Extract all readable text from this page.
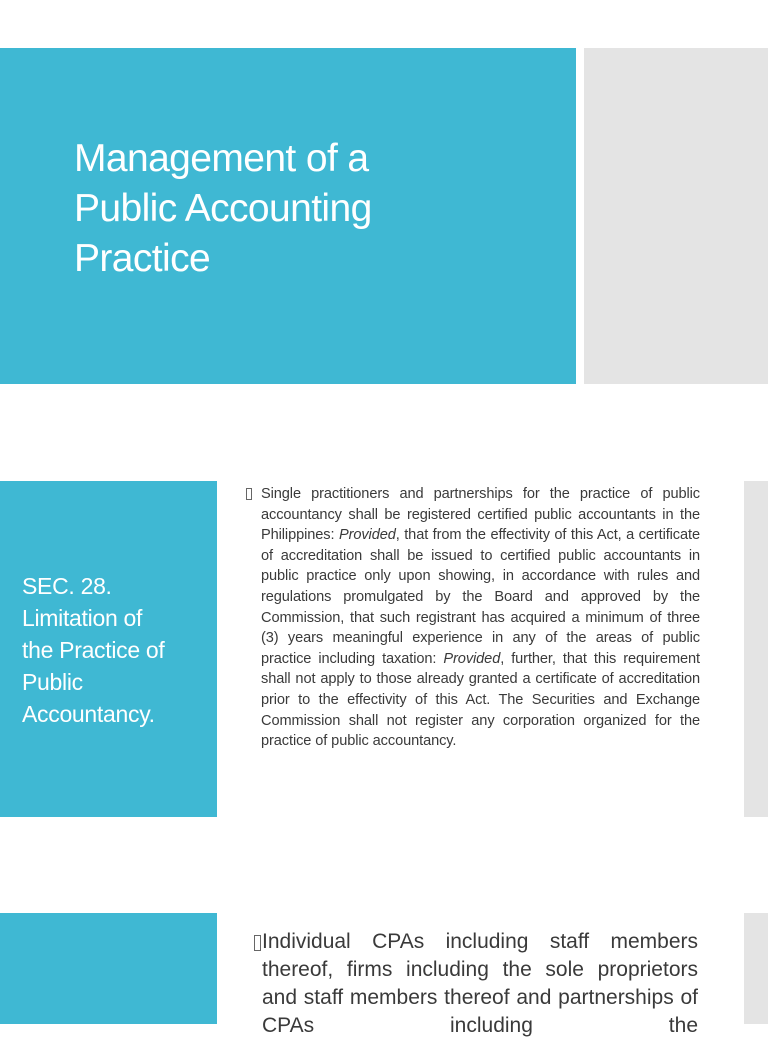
Management of a
Public Accounting
Practice
SEC. 28.
Limitation of
the Practice of
Public
Accountancy.

Single practitioners and partnerships for the practice of public accountancy shall be registered certified public accountants in the Philippines: Provided, that from the effectivity of this Act, a certificate of accreditation shall be issued to certified public accountants in public practice only upon showing, in accordance with rules and regulations promulgated by the Board and approved by the Commission, that such registrant has acquired a minimum of three (3) years meaningful experience in any of the areas of public practice including taxation: Provided, further, that this requirement shall not apply to those already granted a certificate of accreditation prior to the effectivity of this Act. The Securities and Exchange Commission shall not register any corporation organized for the practice of public accountancy.

Individual CPAs including staff members thereof, firms including the sole proprietors and staff members thereof and partnerships of CPAs including the
